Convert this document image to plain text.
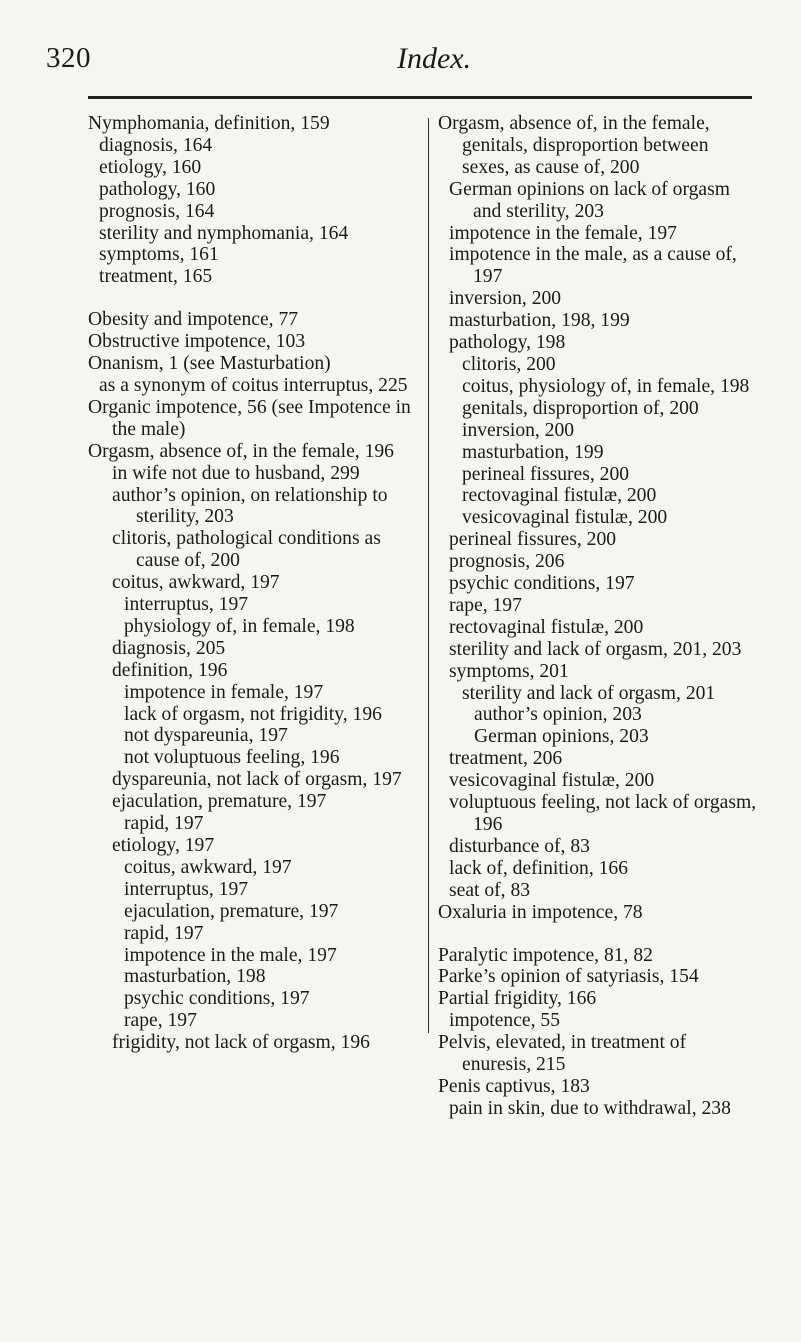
320	Index.
Nymphomania, definition, 159
diagnosis, 164
etiology, 160
pathology, 160
prognosis, 164
sterility and nymphomania, 164
symptoms, 161
treatment, 165
Obesity and impotence, 77
Obstructive impotence, 103
Onanism, 1 (see Masturbation)
as a synonym of coitus interruptus, 225
Organic impotence, 56 (see Impotence in the male)
Orgasm, absence of, in the female, 196
in wife not due to husband, 299
author’s opinion, on relationship to sterility, 203
clitoris, pathological conditions as cause of, 200
coitus, awkward, 197
interruptus, 197
physiology of, in female, 198
diagnosis, 205
definition, 196
impotence in female, 197
lack of orgasm, not frigidity, 196
not dyspareunia, 197
not voluptuous feeling, 196
dyspareunia, not lack of orgasm, 197
ejaculation, premature, 197
rapid, 197
etiology, 197
coitus, awkward, 197
interruptus, 197
ejaculation, premature, 197
rapid, 197
impotence in the male, 197
masturbation, 198
psychic conditions, 197
rape, 197
frigidity, not lack of orgasm, 196
Orgasm, absence of, in the female, genitals, disproportion between sexes, as cause of, 200
German opinions on lack of orgasm and sterility, 203
impotence in the female, 197
impotence in the male, as a cause of, 197
inversion, 200
masturbation, 198, 199
pathology, 198
clitoris, 200
coitus, physiology of, in female, 198
genitals, disproportion of, 200
inversion, 200
masturbation, 199
perineal fissures, 200
rectovaginal fistulæ, 200
vesicovaginal fistulæ, 200
perineal fissures, 200
prognosis, 206
psychic conditions, 197
rape, 197
rectovaginal fistulæ, 200
sterility and lack of orgasm, 201, 203
symptoms, 201
sterility and lack of orgasm, 201
author’s opinion, 203
German opinions, 203
treatment, 206
vesicovaginal fistulæ, 200
voluptuous feeling, not lack of orgasm, 196
disturbance of, 83
lack of, definition, 166
seat of, 83
Oxaluria in impotence, 78
Paralytic impotence, 81, 82
Parke’s opinion of satyriasis, 154
Partial frigidity, 166
impotence, 55
Pelvis, elevated, in treatment of enuresis, 215
Penis captivus, 183
pain in skin, due to withdrawal, 238
